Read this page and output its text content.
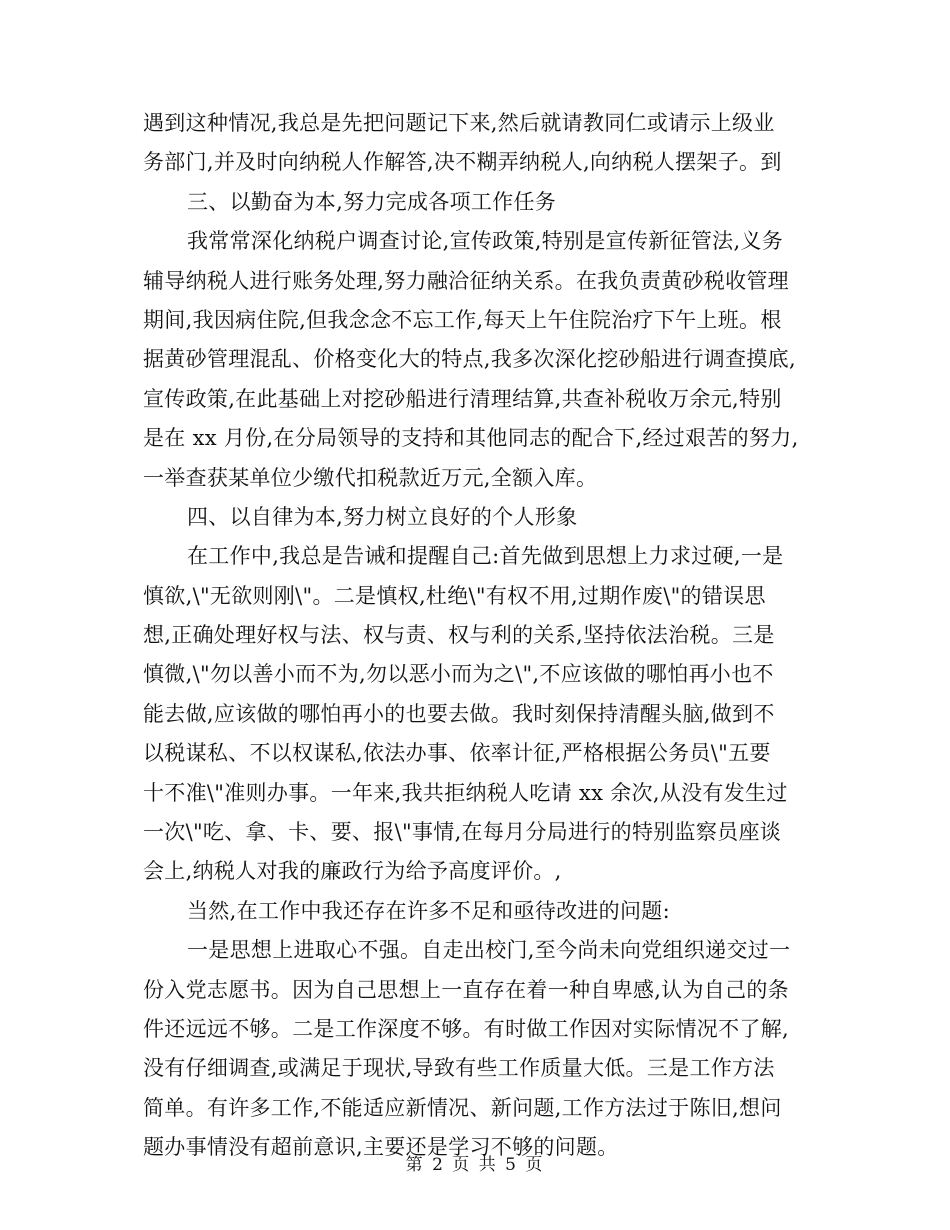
遇到这种情况,我总是先把问题记下来,然后就请教同仁或请示上级业
务部门,并及时向纳税人作解答,决不糊弄纳税人,向纳税人摆架子。到
三、以勤奋为本,努力完成各项工作任务
我常常深化纳税户调查讨论,宣传政策,特别是宣传新征管法,义务
辅导纳税人进行账务处理,努力融洽征纳关系。在我负责黄砂税收管理
期间,我因病住院,但我念念不忘工作,每天上午住院治疗下午上班。根
据黄砂管理混乱、价格变化大的特点,我多次深化挖砂船进行调查摸底,
宣传政策,在此基础上对挖砂船进行清理结算,共查补税收万余元,特别
是在 xx 月份,在分局领导的支持和其他同志的配合下,经过艰苦的努力,
一举查获某单位少缴代扣税款近万元,全额入库。
四、以自律为本,努力树立良好的个人形象
在工作中,我总是告诫和提醒自己:首先做到思想上力求过硬,一是
慎欲,\"无欲则刚\"。二是慎权,杜绝\"有权不用,过期作废\"的错误思
想,正确处理好权与法、权与责、权与利的关系,坚持依法治税。三是
慎微,\"勿以善小而不为,勿以恶小而为之\",不应该做的哪怕再小也不
能去做,应该做的哪怕再小的也要去做。我时刻保持清醒头脑,做到不
以税谋私、不以权谋私,依法办事、依率计征,严格根据公务员\"五要
十不准\"准则办事。一年来,我共拒纳税人吃请 xx 余次,从没有发生过
一次\"吃、拿、卡、要、报\"事情,在每月分局进行的特别监察员座谈
会上,纳税人对我的廉政行为给予高度评价。,
当然,在工作中我还存在许多不足和亟待改进的问题:
一是思想上进取心不强。自走出校门,至今尚未向党组织递交过一
份入党志愿书。因为自己思想上一直存在着一种自卑感,认为自己的条
件还远远不够。二是工作深度不够。有时做工作因对实际情况不了解,
没有仔细调查,或满足于现状,导致有些工作质量大低。三是工作方法
简单。有许多工作,不能适应新情况、新问题,工作方法过于陈旧,想问
题办事情没有超前意识,主要还是学习不够的问题。
第 2 页 共 5 页
